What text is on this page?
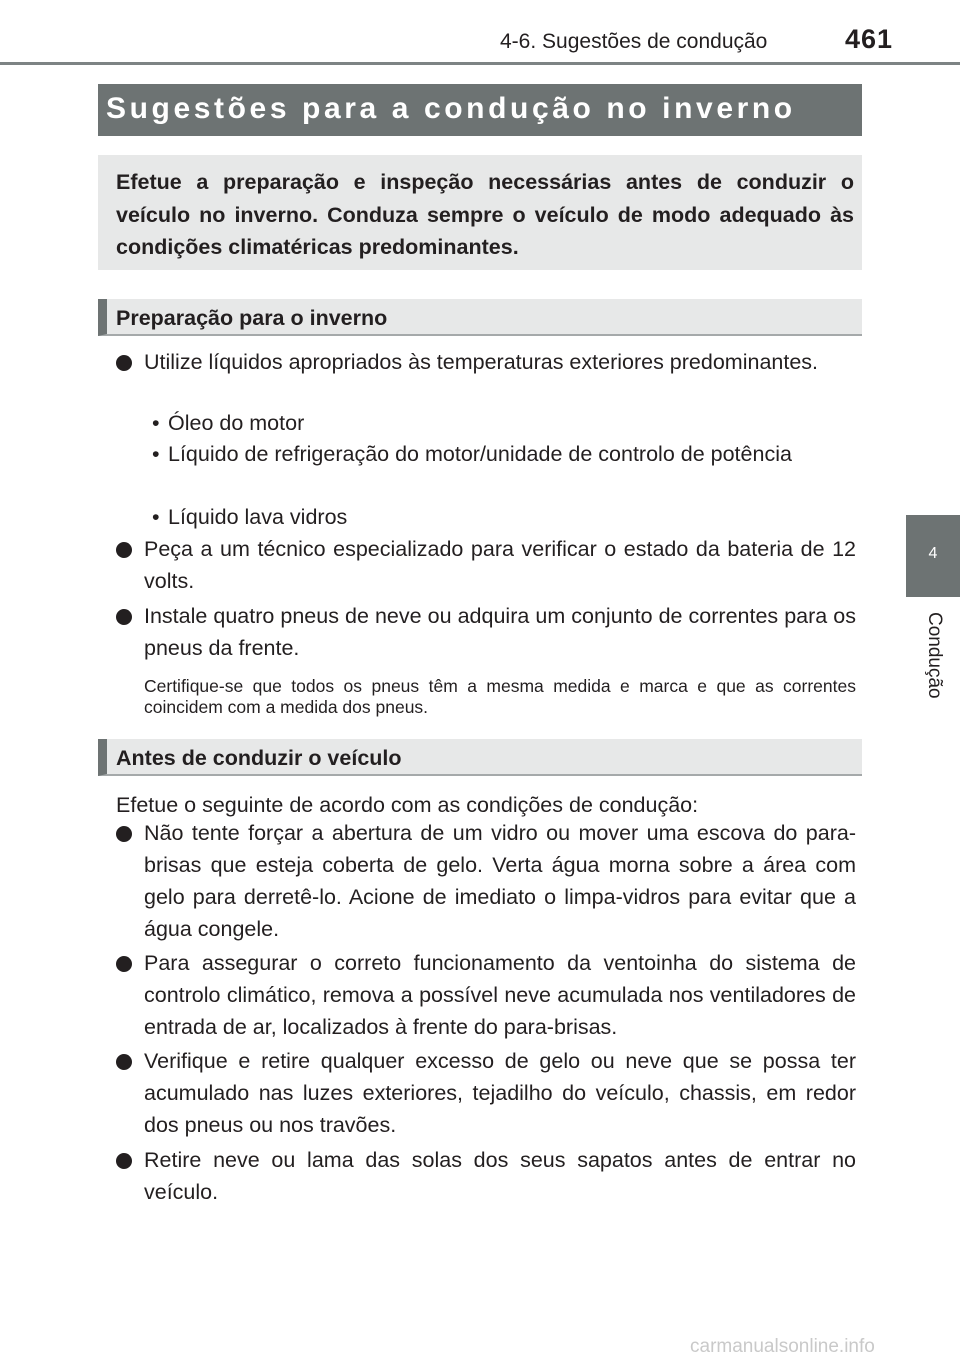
4-6. Sugestões de condução	461
4
Condução
Sugestões para a condução no inverno

Efetue a preparação e inspeção necessárias antes de conduzir o veículo no inverno. Conduza sempre o veículo de modo adequado às condições climatéricas predominantes.

Preparação para o inverno
Utilize líquidos apropriados às temperaturas exteriores predominantes.
• Óleo do motor
• Líquido de refrigeração do motor/unidade de controlo de potência
• Líquido lava vidros
Peça a um técnico especializado para verificar o estado da bateria de 12 volts.
Instale quatro pneus de neve ou adquira um conjunto de correntes para os pneus da frente.

Certifique-se que todos os pneus têm a mesma medida e marca e que as correntes coincidem com a medida dos pneus.

Antes de conduzir o veículo

Efetue o seguinte de acordo com as condições de condução:

Não tente forçar a abertura de um vidro ou mover uma escova do para-brisas que esteja coberta de gelo. Verta água morna sobre a área com gelo para derretê-lo. Acione de imediato o limpa-vidros para evitar que a água congele.
Para assegurar o correto funcionamento da ventoinha do sistema de controlo climático, remova a possível neve acumulada nos ventiladores de entrada de ar, localizados à frente do para-brisas.
Verifique e retire qualquer excesso de gelo ou neve que se possa ter acumulado nas luzes exteriores, tejadilho do veículo, chassis, em redor dos pneus ou nos travões.
Retire neve ou lama das solas dos seus sapatos antes de entrar no veículo.
carmanualsonline.info
